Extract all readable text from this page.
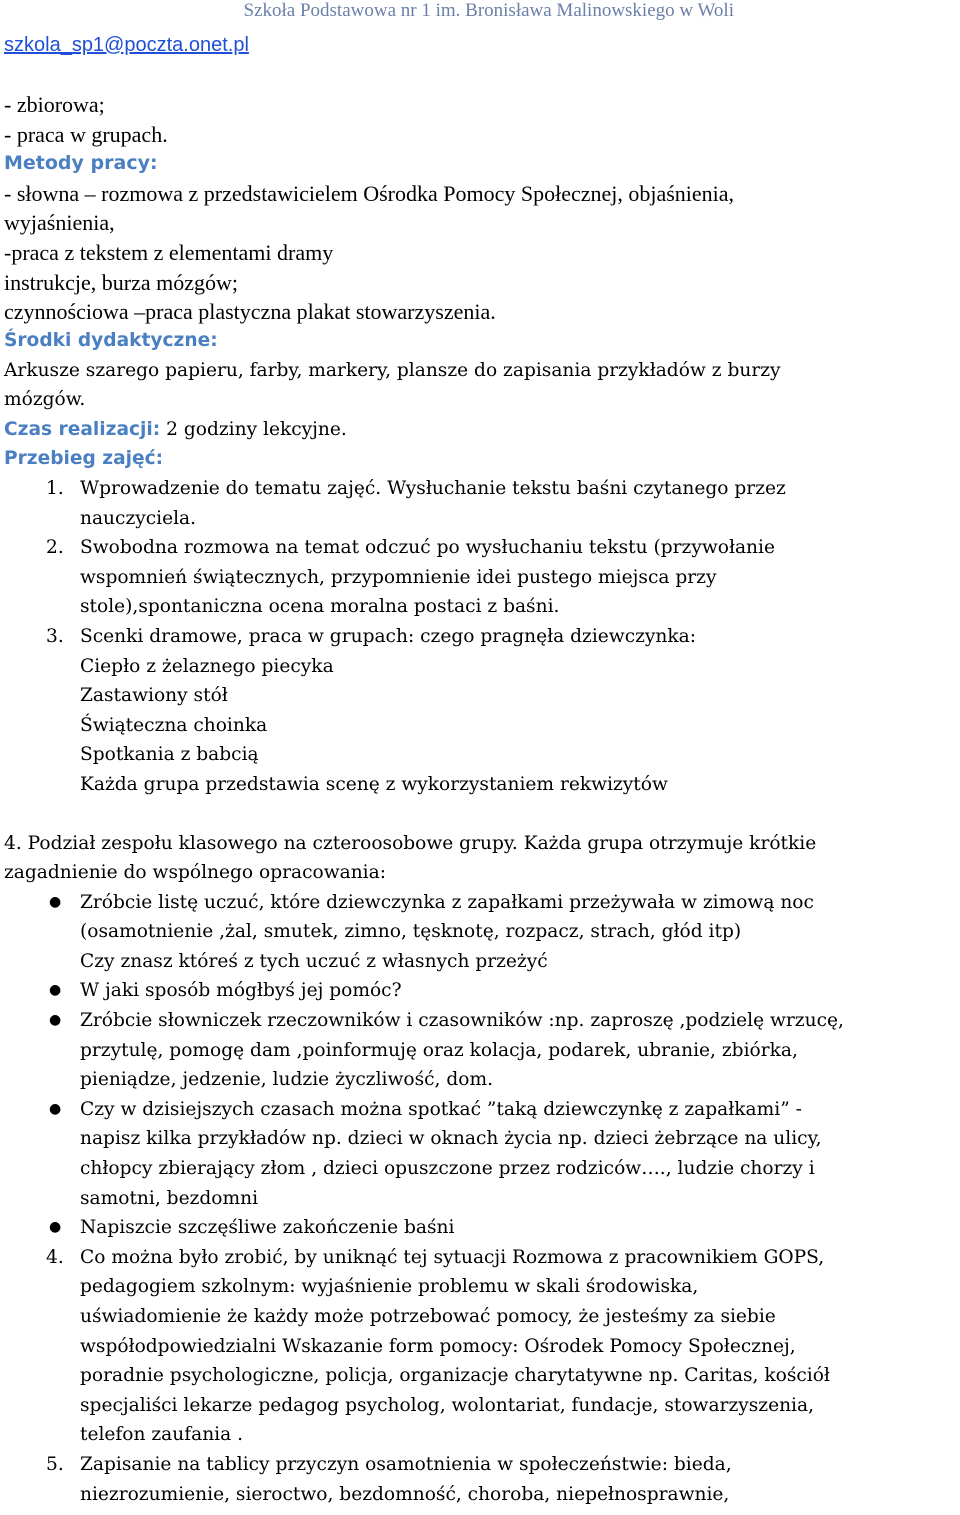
Szkoła Podstawowa nr 1 im. Bronisława Malinowskiego w Woli
szkola_sp1@poczta.onet.pl
- zbiorowa;
- praca w grupach.
Metody pracy:
- słowna – rozmowa z przedstawicielem Ośrodka Pomocy Społecznej, objaśnienia,
wyjaśnienia,
-praca z tekstem z elementami dramy
instrukcje, burza mózgów;
czynnościowa –praca plastyczna plakat stowarzyszenia.
Środki dydaktyczne:
Arkusze szarego papieru, farby, markery, plansze do zapisania przykładów z burzy
mózgów.
Czas realizacji: 2 godziny lekcyjne.
Przebieg zajęć:
1. Wprowadzenie do tematu zajęć. Wysłuchanie tekstu baśni czytanego przez
nauczyciela.
2. Swobodna rozmowa na temat odczuć po wysłuchaniu tekstu (przywołanie
wspomnień świątecznych, przypomnienie idei pustego miejsca przy
stole),spontaniczna ocena moralna postaci z baśni.
3. Scenki dramowe, praca w grupach: czego pragnęła dziewczynka:
Ciepło z żelaznego piecyka
Zastawiony stół
Świąteczna choinka
Spotkania z babcią
Każda grupa przedstawia scenę z wykorzystaniem rekwizytów
4. Podział zespołu klasowego na czteroosobowe grupy. Każda grupa otrzymuje krótkie
zagadnienie do wspólnego opracowania:
● Zróbcie listę uczuć, które dziewczynka z zapałkami przeżywała w zimową noc
(osamotnienie ,żal, smutek, zimno, tęsknotę, rozpacz, strach, głód itp)
Czy znasz któreś z tych uczuć z własnych przeżyć
● W jaki sposób mógłbyś jej pomóc?
● Zróbcie słowniczek rzeczowników i czasowników :np. zaproszę ,podzielę wrzucę,
przytulę, pomogę dam ,poinformuję oraz kolacja, podarek, ubranie, zbiórka,
pieniądze, jedzenie, ludzie życzliwość, dom.
● Czy w dzisiejszych czasach można spotkać ”taką dziewczynkę z zapałkami” -
napisz kilka przykładów np. dzieci w oknach życia np. dzieci żebrzące na ulicy,
chłopcy zbierający złom , dzieci opuszczone przez rodziców…., ludzie chorzy i
samotni, bezdomni
● Napiszcie szczęśliwe zakończenie baśni
4. Co można było zrobić, by uniknąć tej sytuacji Rozmowa z pracownikiem GOPS,
pedagogiem szkolnym: wyjaśnienie problemu w skali środowiska,
uświadomienie że każdy może potrzebować pomocy, że jesteśmy za siebie
współodpowiedzialni Wskazanie form pomocy: Ośrodek Pomocy Społecznej,
poradnie psychologiczne, policja, organizacje charytatywne np. Caritas, kościół
specjaliści lekarze pedagog psycholog, wolontariat, fundacje, stowarzyszenia,
telefon zaufania .
5. Zapisanie na tablicy przyczyn osamotnienia w społeczeństwie: bieda,
niezrozumienie, sieroctwo, bezdomność, choroba, niepełnosprawnie,
